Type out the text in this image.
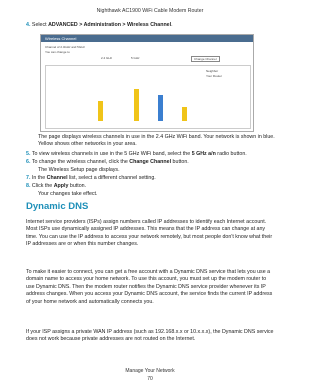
Nighthawk AC1900 WiFi Cable Modem Router
4. Select ADVANCED > Administration > Wireless Channel.
Wireless Channel
Channel of 2.4GHz and 5GHz
You can change to
2.4 GHz	5 GHz	Change Channel
Neighbor
Your Router
The page displays wireless channels in use in the 2.4 GHz WiFi band. Your network is shown in blue. Yellow shows other networks in your area.
5. To view wireless channels in use in the 5 GHz WiFi band, select the 5 GHz a/n radio button.
6. To change the wireless channel, click the Change Channel button.
The Wireless Setup page displays.
7. In the Channel list, select a different channel setting.
8. Click the Apply button.
Your changes take effect.
Dynamic DNS
Internet service providers (ISPs) assign numbers called IP addresses to identify each Internet account. Most ISPs use dynamically assigned IP addresses. This means that the IP address can change at any time. You can use the IP address to access your network remotely, but most people don't know what their IP addresses are or when this number changes.
To make it easier to connect, you can get a free account with a Dynamic DNS service that lets you use a domain name to access your home network. To use this account, you must set up the modem router to use Dynamic DNS. Then the modem router notifies the Dynamic DNS service provider whenever its IP address changes. When you access your Dynamic DNS account, the service finds the current IP address of your home network and automatically connects you.
If your ISP assigns a private WAN IP address (such as 192.168.x.x or 10.x.x.x), the Dynamic DNS service does not work because private addresses are not routed on the Internet.
Manage Your Network
70
